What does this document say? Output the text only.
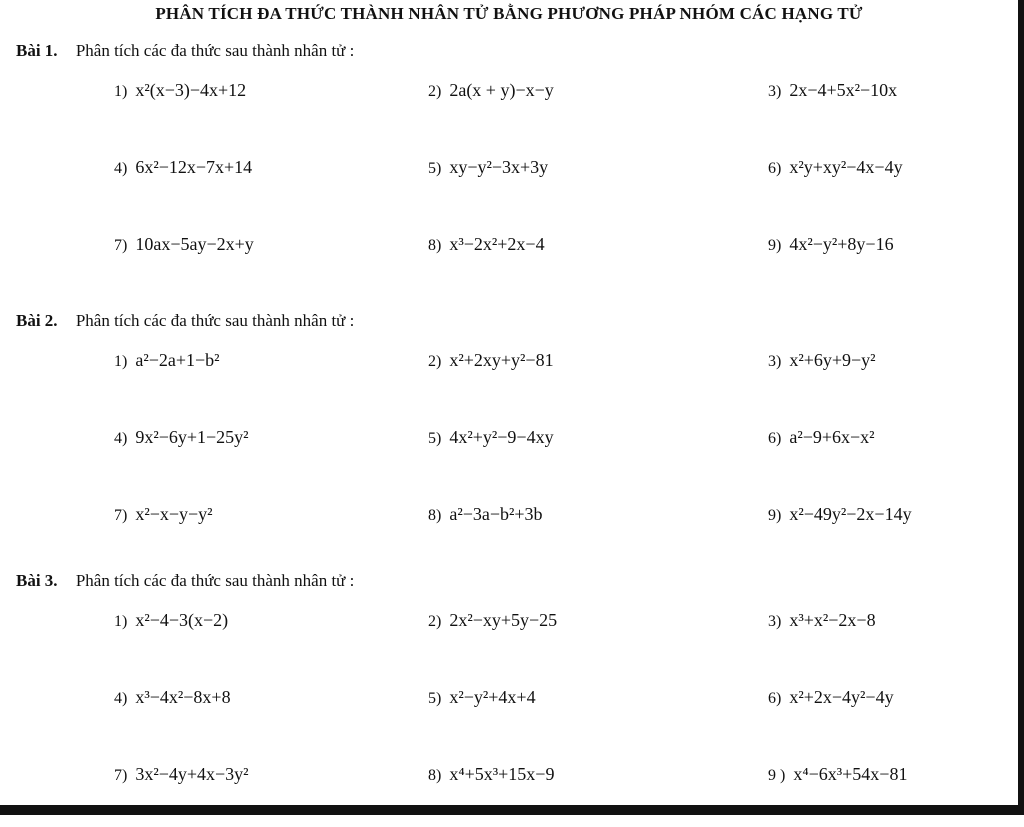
PHÂN TÍCH ĐA THỨC THÀNH NHÂN TỬ BẰNG PHƯƠNG PHÁP NHÓM CÁC HẠNG TỬ
Bài 1. Phân tích các đa thức sau thành nhân tử :
1) x²(x−3)−4x+12	2) 2a(x + y)−x−y	3) 2x−4+5x²−10x
4) 6x²−12x−7x+14	5) xy−y²−3x+3y	6) x²y+xy²−4x−4y
7) 10ax−5ay−2x+y	8) x³−2x²+2x−4	9) 4x²−y²+8y−16
Bài 2. Phân tích các đa thức sau thành nhân tử :
1) a²−2a+1−b²	2) x²+2xy+y²−81	3) x²+6y+9−y²
4) 9x²−6y+1−25y²	5) 4x²+y²−9−4xy	6) a²−9+6x−x²
7) x²−x−y−y²	8) a²−3a−b²+3b	9) x²−49y²−2x−14y
Bài 3. Phân tích các đa thức sau thành nhân tử :
1) x²−4−3(x−2)	2) 2x²−xy+5y−25	3) x³+x²−2x−8
4) x³−4x²−8x+8	5) x²−y²+4x+4	6) x²+2x−4y²−4y
7) 3x²−4y+4x−3y²	8) x⁴+5x³+15x−9	9 ) x⁴−6x³+54x−81
